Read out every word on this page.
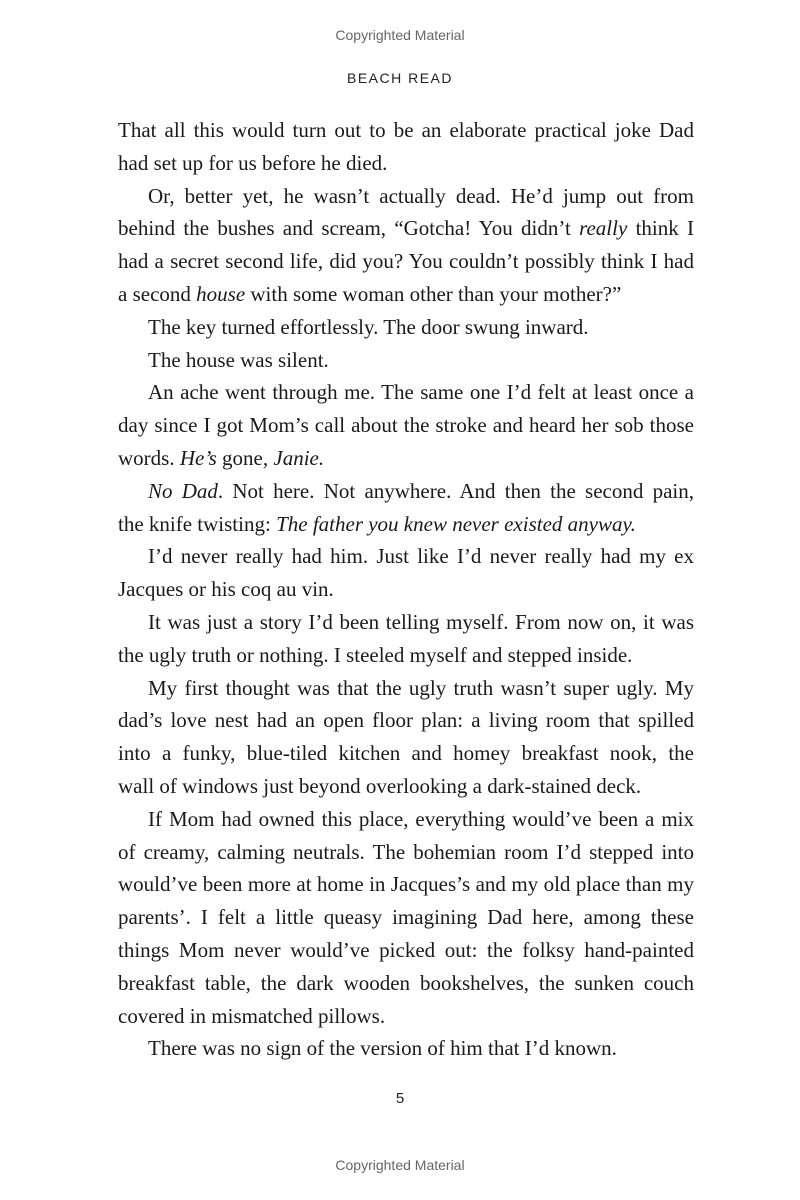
Copyrighted Material
BEACH READ
That all this would turn out to be an elaborate practical joke Dad
had set up for us before he died.
Or, better yet, he wasn’t actually dead. He’d jump out from
behind the bushes and scream, “Gotcha! You didn’t really think I
had a secret second life, did you? You couldn’t possibly think I had
a second house with some woman other than your mother?”
The key turned effortlessly. The door swung inward.
The house was silent.
An ache went through me. The same one I’d felt at least once a
day since I got Mom’s call about the stroke and heard her sob those
words. He’s gone, Janie.
No Dad. Not here. Not anywhere. And then the second pain,
the knife twisting: The father you knew never existed anyway.
I’d never really had him. Just like I’d never really had my ex
Jacques or his coq au vin.
It was just a story I’d been telling myself. From now on, it was
the ugly truth or nothing. I steeled myself and stepped inside.
My first thought was that the ugly truth wasn’t super ugly. My
dad’s love nest had an open floor plan: a living room that spilled
into a funky, blue-tiled kitchen and homey breakfast nook, the
wall of windows just beyond overlooking a dark-stained deck.
If Mom had owned this place, everything would’ve been a mix
of creamy, calming neutrals. The bohemian room I’d stepped into
would’ve been more at home in Jacques’s and my old place than my
parents’. I felt a little queasy imagining Dad here, among these
things Mom never would’ve picked out: the folksy hand-painted
breakfast table, the dark wooden bookshelves, the sunken couch
covered in mismatched pillows.
There was no sign of the version of him that I’d known.
5
Copyrighted Material
